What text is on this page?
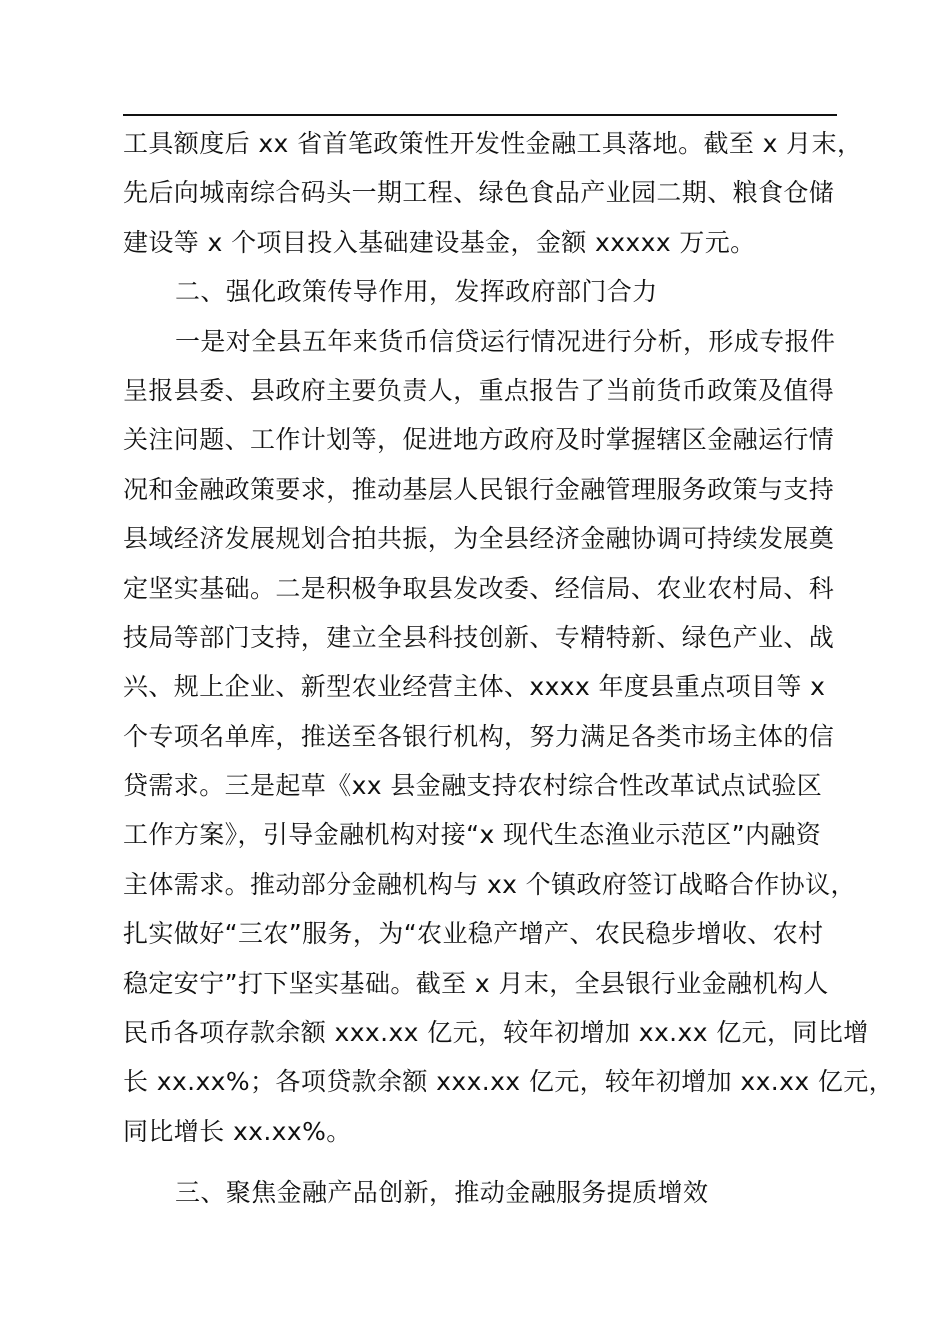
工具额度后 xx 省首笔政策性开发性金融工具落地。截至 x 月末，
先后向城南综合码头一期工程、绿色食品产业园二期、粮食仓储
建设等 x 个项目投入基础建设基金，金额 xxxxx 万元。
二、强化政策传导作用，发挥政府部门合力
一是对全县五年来货币信贷运行情况进行分析，形成专报件
呈报县委、县政府主要负责人，重点报告了当前货币政策及值得
关注问题、工作计划等，促进地方政府及时掌握辖区金融运行情
况和金融政策要求，推动基层人民银行金融管理服务政策与支持
县域经济发展规划合拍共振，为全县经济金融协调可持续发展奠
定坚实基础。二是积极争取县发改委、经信局、农业农村局、科
技局等部门支持，建立全县科技创新、专精特新、绿色产业、战
兴、规上企业、新型农业经营主体、xxxx 年度县重点项目等 x
个专项名单库，推送至各银行机构，努力满足各类市场主体的信
贷需求。三是起草《xx 县金融支持农村综合性改革试点试验区
工作方案》，引导金融机构对接“x 现代生态渔业示范区”内融资
主体需求。推动部分金融机构与 xx 个镇政府签订战略合作协议，
扎实做好“三农”服务，为“农业稳产增产、农民稳步增收、农村
稳定安宁”打下坚实基础。截至 x 月末，全县银行业金融机构人
民币各项存款余额 xxx.xx 亿元，较年初增加 xx.xx 亿元，同比增
长 xx.xx%；各项贷款余额 xxx.xx 亿元，较年初增加 xx.xx 亿元，
同比增长 xx.xx%。
三、聚焦金融产品创新，推动金融服务提质增效
